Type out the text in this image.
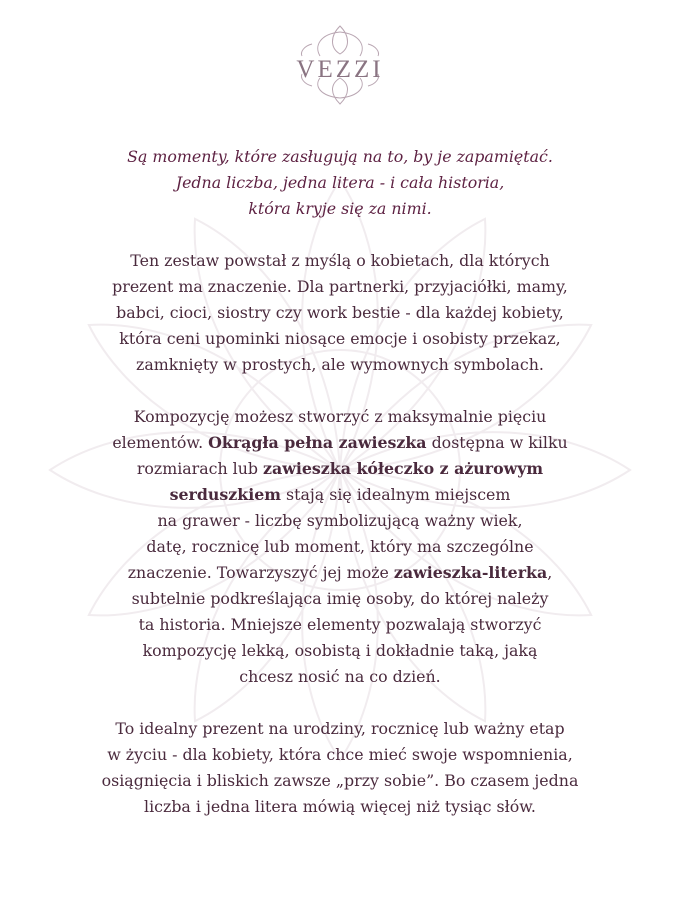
VEZZI
Są momenty, które zasługują na to, by je zapamiętać.
Jedna liczba, jedna litera - i cała historia,
która kryje się za nimi.
Ten zestaw powstał z myślą o kobietach, dla których
prezent ma znaczenie. Dla partnerki, przyjaciółki, mamy,
babci, cioci, siostry czy work bestie - dla każdej kobiety,
która ceni upominki niosące emocje i osobisty przekaz,
zamknięty w prostych, ale wymownych symbolach.
Kompozycję możesz stworzyć z maksymalnie pięciu
elementów. Okrągła pełna zawieszka dostępna w kilku
rozmiarach lub zawieszka kółeczko z ażurowym
serduszkiem stają się idealnym miejscem
na grawer - liczbę symbolizującą ważny wiek,
datę, rocznicę lub moment, który ma szczególne
znaczenie. Towarzyszyć jej może zawieszka-literka,
subtelnie podkreślająca imię osoby, do której należy
ta historia. Mniejsze elementy pozwalają stworzyć
kompozycję lekką, osobistą i dokładnie taką, jaką
chcesz nosić na co dzień.
To idealny prezent na urodziny, rocznicę lub ważny etap
w życiu - dla kobiety, która chce mieć swoje wspomnienia,
osiągnięcia i bliskich zawsze „przy sobie”. Bo czasem jedna
liczba i jedna litera mówią więcej niż tysiąc słów.
